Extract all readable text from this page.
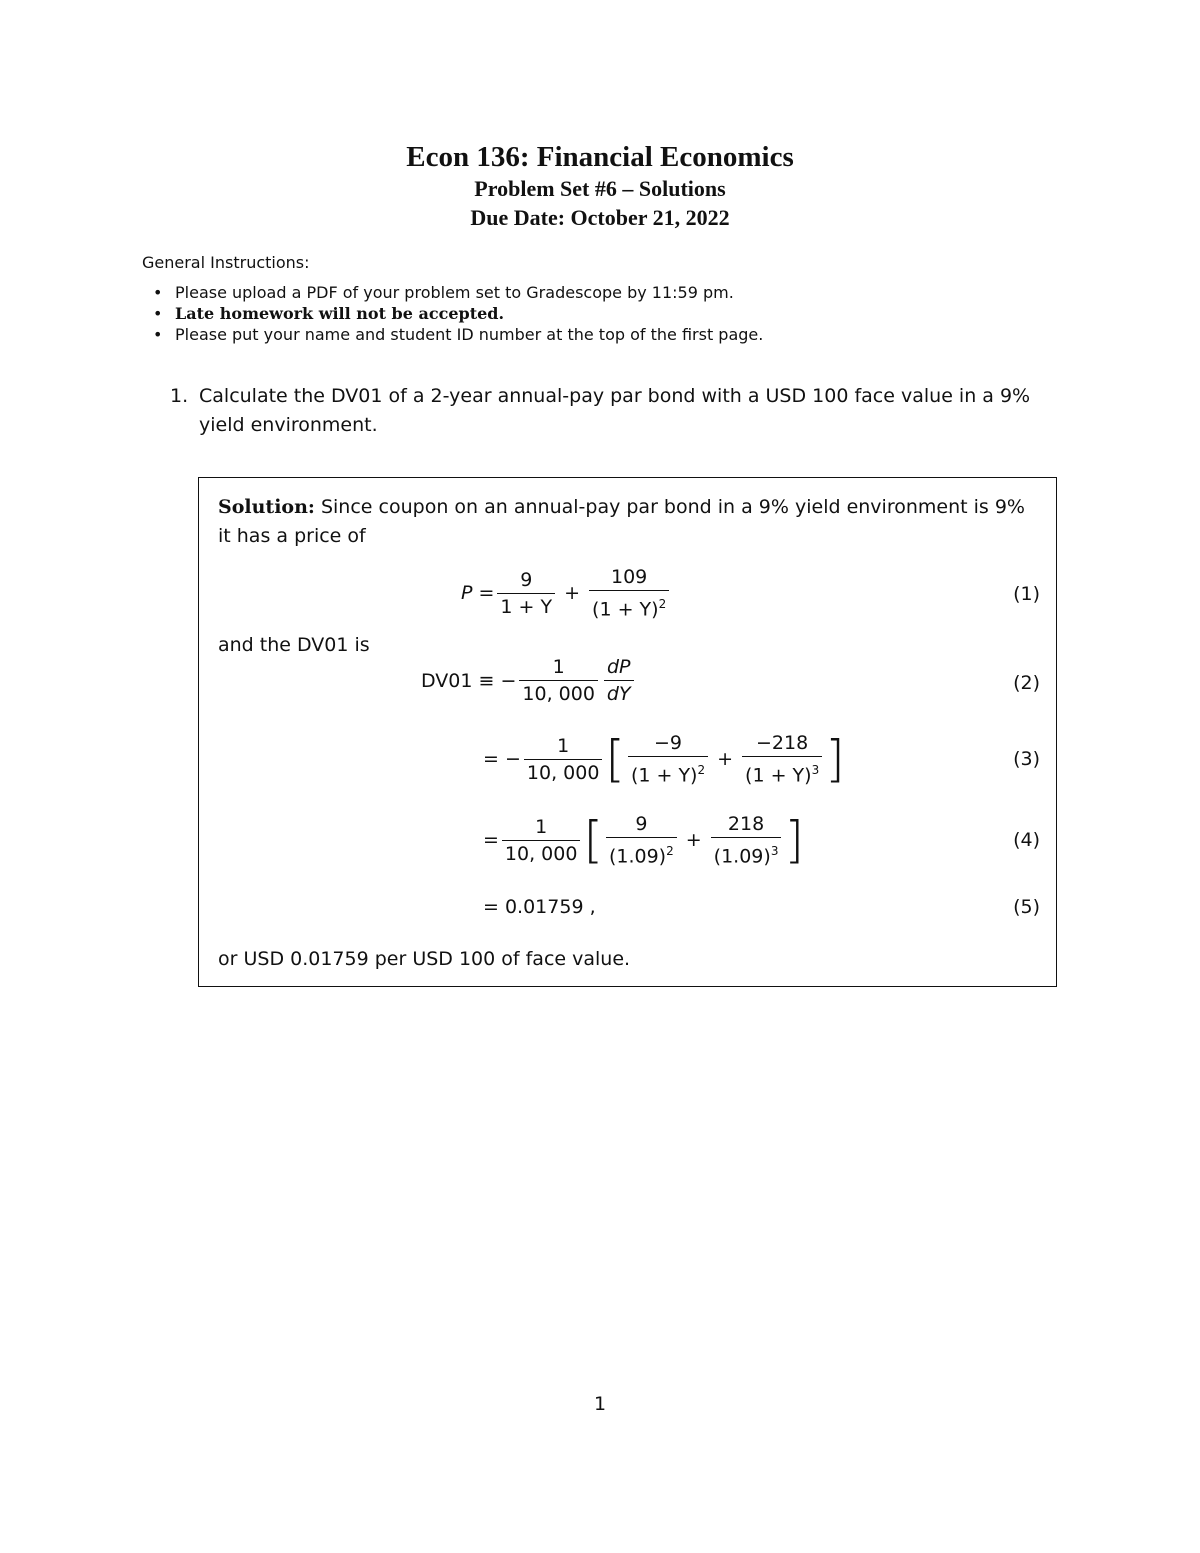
Econ 136: Financial Economics

Problem Set #6 – Solutions

Due Date: October 21, 2022

General Instructions:

• Please upload a PDF of your problem set to Gradescope by 11:59 pm.
• Late homework will not be accepted.
• Please put your name and student ID number at the top of the first page.
1. Calculate the DV01 of a 2-year annual-pay par bond with a USD 100 face value in a 9% yield environment.
Solution: Since coupon on an annual-pay par bond in a 9% yield environment is 9% it has a price of
$P = \frac{9}{1 + Y} + \frac{109}{(1 + Y)^2}$	(1)
and the DV01 is
DV01 ≡ − $\frac{1}{10, 000} \frac{dP}{dY}$	(2)
= − $\frac{1}{10, 000}$ [ $\frac{-9}{(1 + Y)^2} + \frac{-218}{(1 + Y)^3}$ ]	(3)
= $\frac{1}{10, 000}$ [ $\frac{9}{(1.09)^2} + \frac{218}{(1.09)^3}$ ]	(4)
= 0.01759 ,	(5)
or USD 0.01759 per USD 100 of face value.
1
